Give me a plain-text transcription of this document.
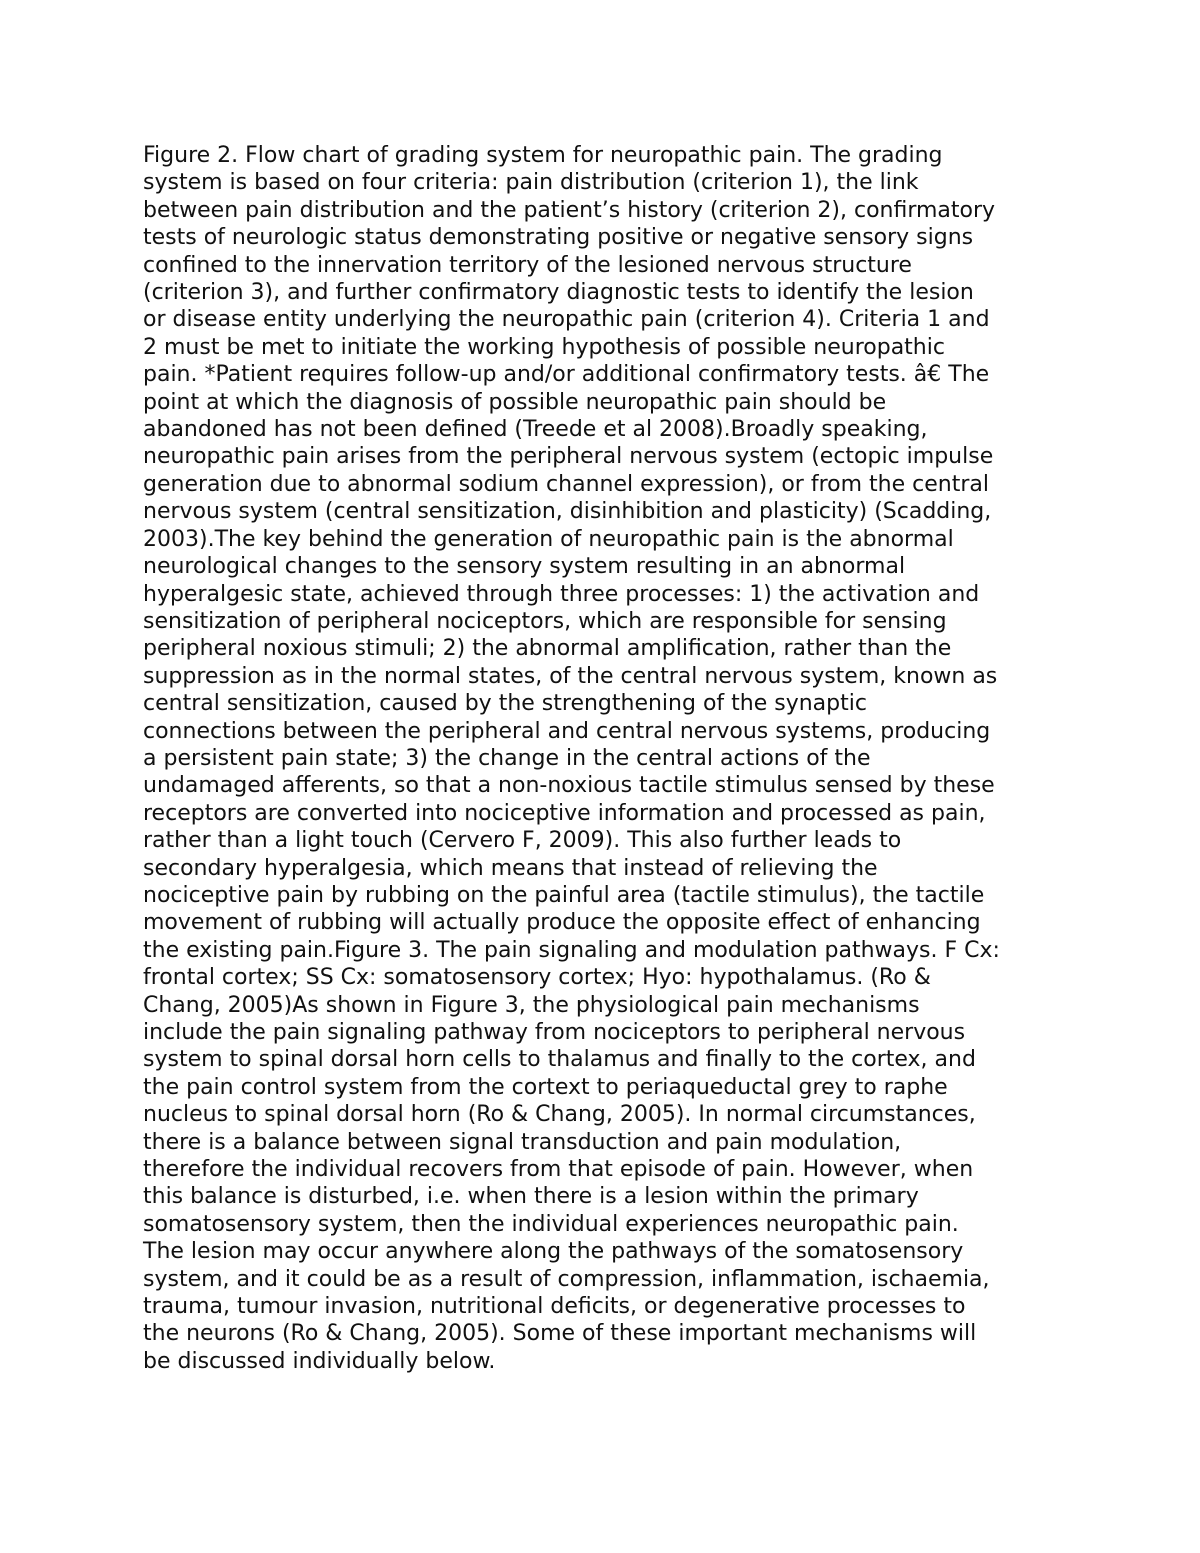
Figure 2. Flow chart of grading system for neuropathic pain. The grading
system is based on four criteria: pain distribution (criterion 1), the link
between pain distribution and the patient’s history (criterion 2), confirmatory
tests of neurologic status demonstrating positive or negative sensory signs
confined to the innervation territory of the lesioned nervous structure
(criterion 3), and further confirmatory diagnostic tests to identify the lesion
or disease entity underlying the neuropathic pain (criterion 4). Criteria 1 and
2 must be met to initiate the working hypothesis of possible neuropathic
pain. *Patient requires follow-up and/or additional confirmatory tests. â€ The
point at which the diagnosis of possible neuropathic pain should be
abandoned has not been defined (Treede et al 2008).Broadly speaking,
neuropathic pain arises from the peripheral nervous system (ectopic impulse
generation due to abnormal sodium channel expression), or from the central
nervous system (central sensitization, disinhibition and plasticity) (Scadding,
2003).The key behind the generation of neuropathic pain is the abnormal
neurological changes to the sensory system resulting in an abnormal
hyperalgesic state, achieved through three processes: 1) the activation and
sensitization of peripheral nociceptors, which are responsible for sensing
peripheral noxious stimuli; 2) the abnormal amplification, rather than the
suppression as in the normal states, of the central nervous system, known as
central sensitization, caused by the strengthening of the synaptic
connections between the peripheral and central nervous systems, producing
a persistent pain state; 3) the change in the central actions of the
undamaged afferents, so that a non-noxious tactile stimulus sensed by these
receptors are converted into nociceptive information and processed as pain,
rather than a light touch (Cervero F, 2009). This also further leads to
secondary hyperalgesia, which means that instead of relieving the
nociceptive pain by rubbing on the painful area (tactile stimulus), the tactile
movement of rubbing will actually produce the opposite effect of enhancing
the existing pain.Figure 3. The pain signaling and modulation pathways. F Cx:
frontal cortex; SS Cx: somatosensory cortex; Hyo: hypothalamus. (Ro &
Chang, 2005)As shown in Figure 3, the physiological pain mechanisms
include the pain signaling pathway from nociceptors to peripheral nervous
system to spinal dorsal horn cells to thalamus and finally to the cortex, and
the pain control system from the cortext to periaqueductal grey to raphe
nucleus to spinal dorsal horn (Ro & Chang, 2005). In normal circumstances,
there is a balance between signal transduction and pain modulation,
therefore the individual recovers from that episode of pain. However, when
this balance is disturbed, i.e. when there is a lesion within the primary
somatosensory system, then the individual experiences neuropathic pain.
The lesion may occur anywhere along the pathways of the somatosensory
system, and it could be as a result of compression, inflammation, ischaemia,
trauma, tumour invasion, nutritional deficits, or degenerative processes to
the neurons (Ro & Chang, 2005). Some of these important mechanisms will
be discussed individually below.
